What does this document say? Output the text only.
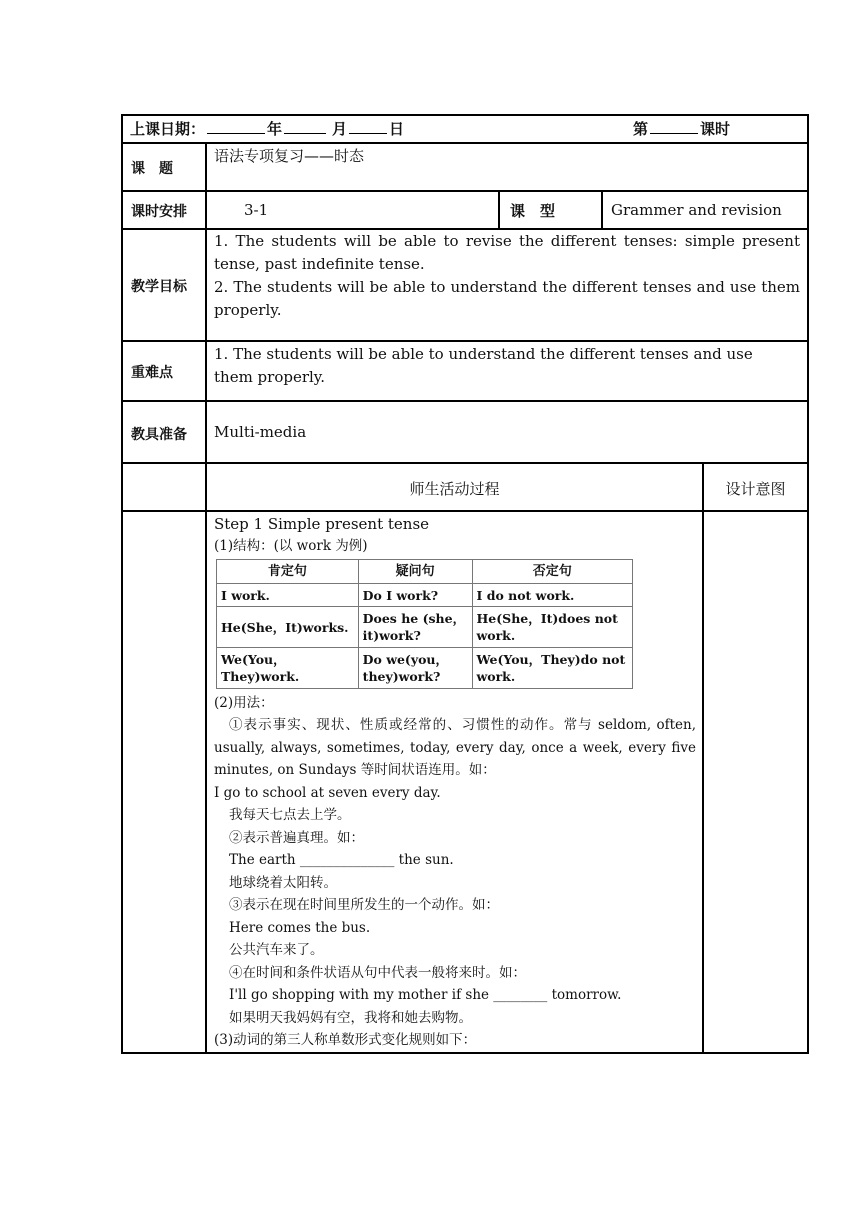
上课日期：	年	月	日	第	课时
课　题
语法专项复习——时态
课时安排	3-1	课　型	Grammer and revision
教学目标
1. The students will be able to revise the different tenses: simple present tense, past indefinite tense.
2. The students will be able to understand the different tenses and use them properly.
重难点
1. The students will be able to understand the different tenses and use them properly.
教具准备 Multi-media
师生活动过程	设计意图
Step 1 Simple present tense
(1)结构：(以 work 为例)
肯定句	疑问句	否定句
I work.	Do I work?	I do not work.
He(She，It)works.	Does he (she，it)work?	He(She，It)does not work.
We(You，They)work.	Do we(you，they)work?	We(You，They)do not work.
(2)用法：
①表示事实、现状、性质或经常的、习惯性的动作。常与 seldom, often, usually, always, sometimes, today, every day, once a week, every five minutes, on Sundays 等时间状语连用。如：
I go to school at seven every day.
我每天七点去上学。
②表示普遍真理。如：
The earth ______________ the sun.
地球绕着太阳转。
③表示在现在时间里所发生的一个动作。如：
Here comes the bus.
公共汽车来了。
④在时间和条件状语从句中代表一般将来时。如：
I'll go shopping with my mother if she ________ tomorrow.
如果明天我妈妈有空，我将和她去购物。
(3)动词的第三人称单数形式变化规则如下：
